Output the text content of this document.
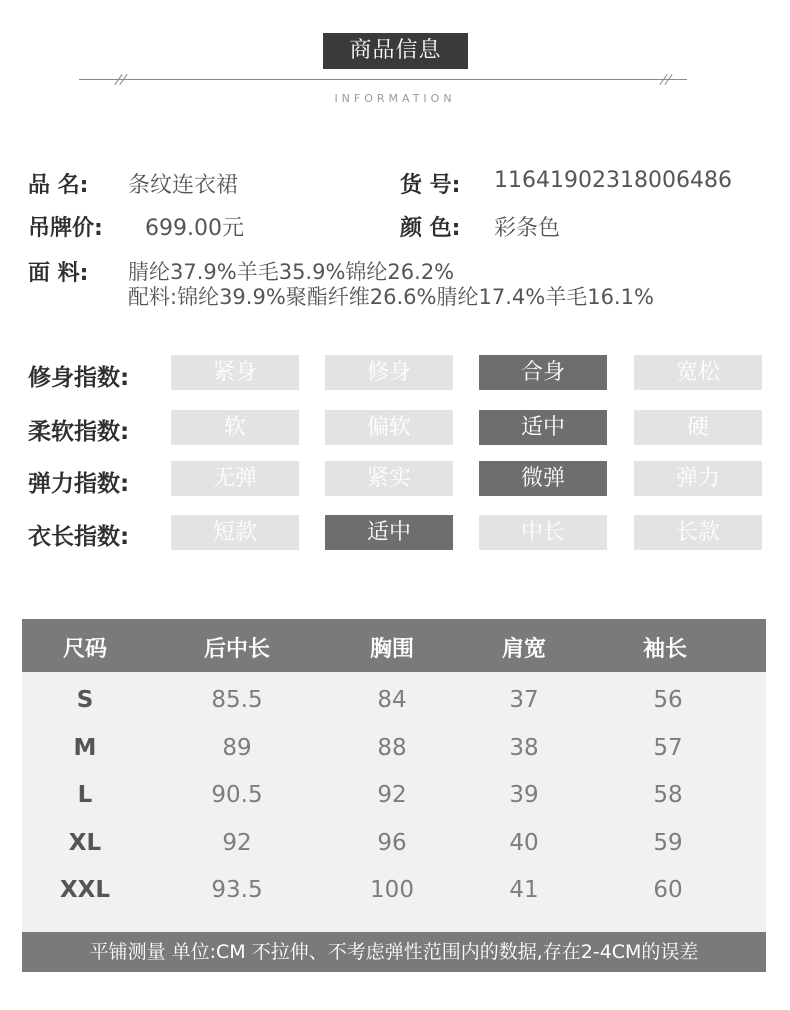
商品信息
INFORMATION
品 名: 条纹连衣裙	货 号: 11641902318006486
吊牌价: 699.00元	颜 色: 彩条色
面 料: 腈纶37.9%羊毛35.9%锦纶26.2%
配料:锦纶39.9%聚酯纤维26.6%腈纶17.4%羊毛16.1%
修身指数:	紧身	修身	合身	宽松
柔软指数:	软	偏软	适中	硬
弹力指数:	无弹	紧实	微弹	弹力
衣长指数:	短款	适中	中长	长款
尺码	后中长	胸围	肩宽	袖长
S	85.5	84	37	56
M	89	88	38	57
L	90.5	92	39	58
XL	92	96	40	59
XXL	93.5	100	41	60
平铺测量 单位:CM 不拉伸、不考虑弹性范围内的数据,存在2-4CM的误差
